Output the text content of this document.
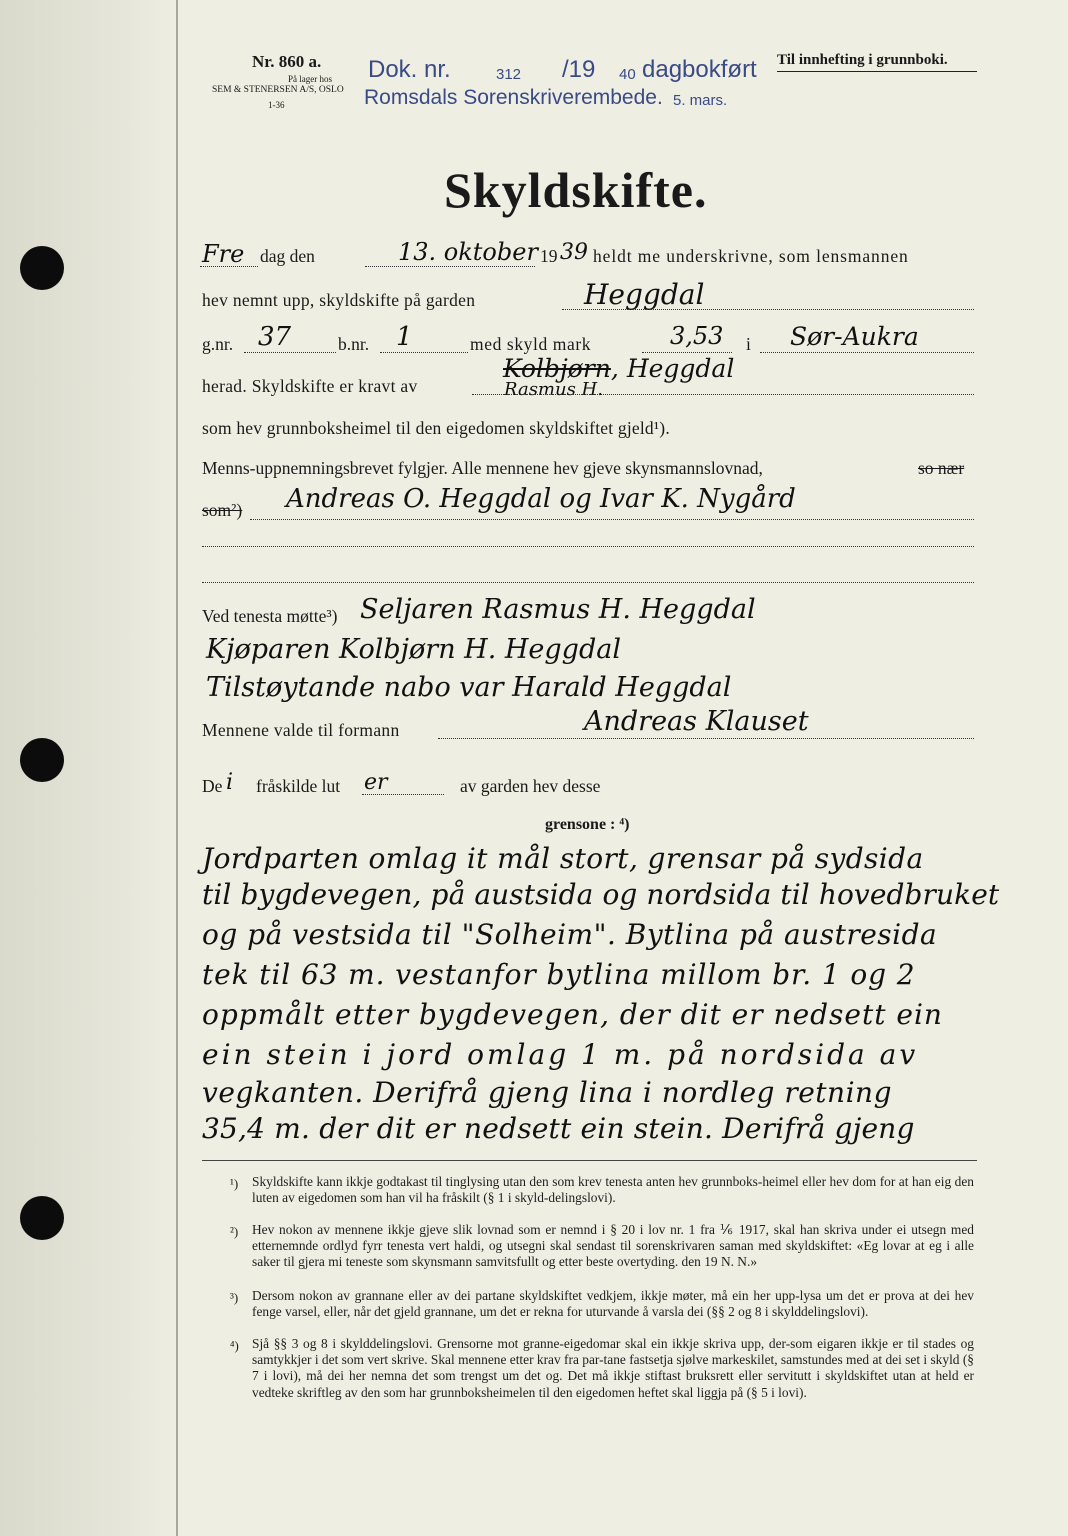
Nr. 860 a.
På lager hos
SEM & STENERSEN A/S, OSLO
1-36
Dok. nr.	312 /19 40 dagbokført
Romsdals Sorenskriverembede. 5. mars.
Til innhefting i grunnboki.
Skyldskifte.
Fre dag den	13. oktober 19 39 heldt me underskrivne, som lensmannen
hev nemnt upp, skyldskifte på garden	Heggdal
g.nr. 37	b.nr. 1	med skyld mark	3,53 i Sør-Aukra
herad. Skyldskifte er kravt av
Kolbjørn, Heggdal
Rasmus H.
som hev grunnboksheimel til den eigedomen skyldskiftet gjeld¹).
Menns-uppnemningsbrevet fylgjer. Alle mennene hev gjeve skynsmannslovnad,	so nær
som²) Andreas O. Heggdal og Ivar K. Nygård
Ved tenesta møtte³) Seljaren Rasmus H. Heggdal
Kjøparen Kolbjørn H. Heggdal
Tilstøytande nabo var Harald Heggdal
Mennene valde til formann	Andreas Klauset
De i fråskilde lut er	av garden hev desse
grensone : ⁴)
Jordparten omlag it mål stort, grensar på sydsida
til bygdevegen, på austsida og nordsida til hovedbruket
og på vestsida til "Solheim". Bytlina på austresida
tek til 63 m. vestanfor bytlina millom br. 1 og 2
oppmålt etter bygdevegen, der dit er nedsett ein
ein stein i jord omlag 1 m. på nordsida av
vegkanten. Derifrå gjeng lina i nordleg retning
35,4 m. der dit er nedsett ein stein. Derifrå gjeng
¹) Skyldskifte kann ikkje godtakast til tinglysing utan den som krev tenesta anten hev grunnboks-heimel eller hev dom for at han eig den luten av eigedomen som han vil ha fråskilt (§ 1 i skyld-delingslovi).
²) Hev nokon av mennene ikkje gjeve slik lovnad som er nemnd i § 20 i lov nr. 1 fra ⅙ 1917, skal han skriva under ei utsegn med etternemnde ordlyd fyrr tenesta vert haldi, og utsegni skal sendast til sorenskrivaren saman med skyldskiftet: «Eg lovar at eg i alle saker til gjera mi teneste som skynsmann samvitsfullt og etter beste overtyding. den 19 N. N.»
³) Dersom nokon av grannane eller av dei partane skyldskiftet vedkjem, ikkje møter, må ein her upp-lysa um det er prova at dei hev fenge varsel, eller, når det gjeld grannane, um det er rekna for uturvande å varsla dei (§§ 2 og 8 i skylddelingslovi).
⁴) Sjå §§ 3 og 8 i skylddelingslovi. Grensorne mot granne-eigedomar skal ein ikkje skriva upp, der-som eigaren ikkje er til stades og samtykkjer i det som vert skrive. Skal mennene etter krav fra par-tane fastsetja sjølve markeskilet, samstundes med at dei set i skyld (§ 7 i lovi), må dei her nemna det som trengst um det og. Det må ikkje stiftast bruksrett eller servitutt i skyldskiftet utan at held er vedteke skriftleg av den som har grunnboksheimelen til den eigedomen heftet skal liggja på (§ 5 i lovi).
